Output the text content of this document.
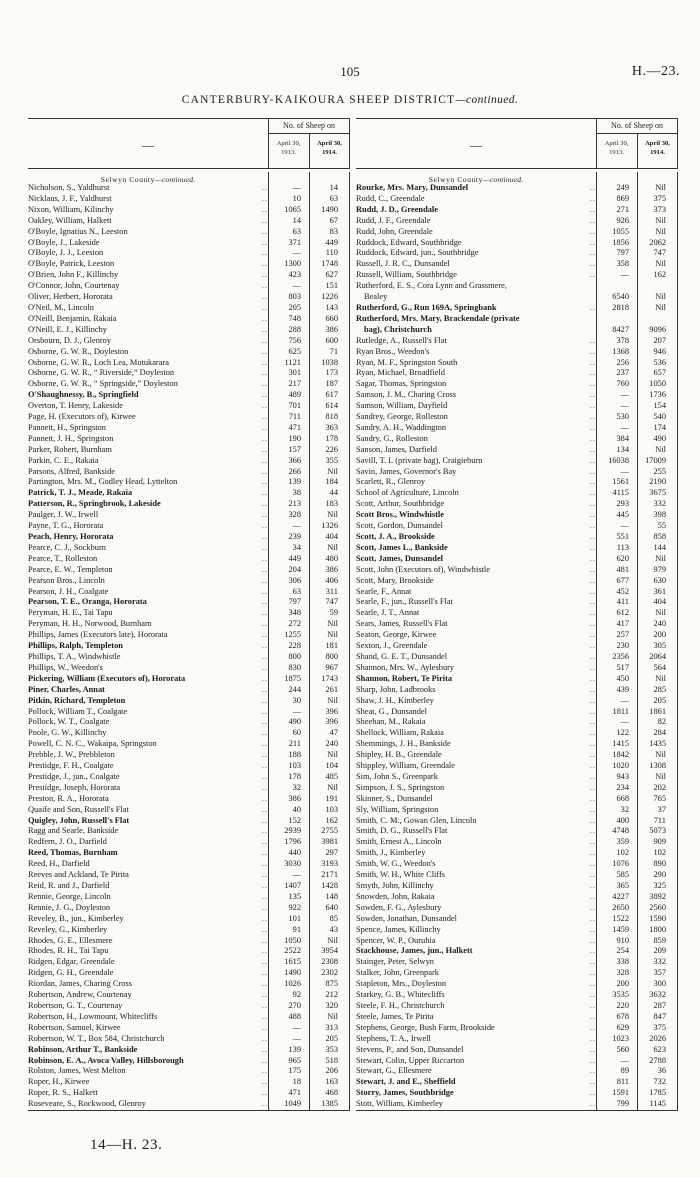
105	H.—23.
CANTERBURY-KAIKOURA SHEEP DISTRICT—continued.
—
No. of Sheep on
April 30,
1913.
April 30,
1914.
Selwyn County—continued.
Nicholson, S., Yaldhurst	..	—	14
Nicklaus, J. F., Yaldhurst	..	10	63
Nixon, William, Kilinchy	..	1065	1490
Oakley, William, Halkett	..	14	67
O'Boyle, Ignatius N., Leeston	..	63	83
O'Boyle, J., Lakeside	..	371	449
O'Boyle, J. J., Leeston	..	—	110
O'Boyle, Patrick, Leeston	..	1300	1748
O'Brien, John F., Killinchy	..	423	627
O'Connor, John, Courtenay	..	—	151
Oliver, Herbert, Hororata	..	803	1226
O'Neil, M., Lincoln	..	205	143
O'Neill, Benjamin, Rakaia	..	748	660
O'Neill, E. J., Killinchy	..	288	386
Orsbourn, D. J., Glenroy	..	756	600
Osborne, G. W. R., Doyleston	..	625	71
Osborne, G. W. R., Loch Lea, Motukarara	..	1121	1038
Osborne, G. W. R., “ Riverside,” Doyleston	..	301	173
Osborne, G. W. R., “ Springside,” Doyleston	..	217	187
O'Shaughnessy, B., Springfield	..	489	617
Overton, T. Henry, Lakeside	..	701	614
Page, H. (Executors of), Kirwee	..	711	818
Pannett, H., Springston	..	471	363
Pannett, J. H., Springston	..	190	178
Parker, Robert, Burnham	..	157	226
Parkin, C. E., Rakaia	..	366	355
Parsons, Alfred, Bankside	..	266	Nil
Partington, Mrs. M., Godley Head, Lyttelton	..	139	184
Patrick, T. J., Meade, Rakaia	..	38	44
Patterson, R., Springbrook, Lakeside	..	213	183
Paulger, J. W., Irwell	..	328	Nil
Payne, T. G., Hororata	..	—	1326
Peach, Henry, Hororata	..	239	404
Pearce, C. J., Sockburn	..	34	Nil
Pearce, T., Rolleston	..	449	480
Pearce, E. W., Templeton	..	204	386
Pearson Bros., Lincoln	..	306	406
Pearson, J. H., Coalgate	..	63	311
Pearson, T. E., Oranga, Hororata	..	797	747
Peryman, H. E., Tai Tapu	..	348	59
Peryman, H. H., Norwood, Burnham	..	272	Nil
Phillips, James (Executors late), Hororata	..	1255	Nil
Phillips, Ralph, Templeton	..	228	181
Phillips, T. A., Windwhistle	..	800	800
Phillips, W., Weedon's	..	830	967
Pickering, William (Executors of), Hororata	..	1875	1743
Piner, Charles, Annat	..	244	261
Pitkin, Richard, Templeton	..	30	Nil
Pollock, William T., Coalgate	..	—	396
Pollock, W. T., Coalgate	..	490	396
Poole, G. W., Killinchy	..	60	47
Powell, C. N. C., Wakaipa, Springston	..	211	240
Prebble, J. W., Prebbleton	..	188	Nil
Prestidge, F. H., Coalgate	..	103	104
Prestidge, J., jun., Coalgate	..	178	485
Prestidge, Joseph, Hororata	..	32	Nil
Preston, R. A., Hororata	..	386	191
Quaife and Son, Russell's Flat	..	40	103
Quigley, John, Russell's Flat	..	152	162
Ragg and Searle, Bankside	..	2939	2755
Redfern, J. O., Darfield	..	1796	3981
Reed, Thomas, Burnham	..	440	297
Reed, H., Darfield	..	3030	3193
Reeves and Ackland, Te Pirita	..	—	2171
Reid, R. and J., Darfield	..	1407	1428
Rennie, George, Lincoln	..	135	148
Rennie, J. G., Doyleston	..	922	640
Reveley, B., jun., Kimberley	..	101	85
Reveley, G., Kimberley	..	91	43
Rhodes, G. E., Ellesmere	..	1050	Nil
Rhodes, R. H., Tai Tapu	..	2522	3954
Ridgen, Edgar, Greendale	..	1615	2308
Ridgen, G. H., Greendale	..	1490	2302
Riordan, James, Charing Cross	..	1026	875
Robertson, Andrew, Courtenay	..	92	212
Robertson, G. T., Courtenay	..	270	320
Robertson, H., Lowmount, Whitecliffs	..	488	Nil
Robertson, Samuel, Kirwee	..	—	313
Robertson, W. T., Box 584, Christchurch	..	—	205
Robinson, Arthur T., Bankside	..	139	353
Robinson, E. A., Avoca Valley, Hillsborough	..	965	518
Rolston, James, West Melton	..	175	206
Roper, H., Kirwee	..	18	163
Roper, R. S., Halkett	..	471	468
Roseveare, S., Rockwood, Glenroy	..	1049	1385
—
No. of Sheep on
April 30,
1913.
April 30,
1914.
Selwyn County—continued.
Rourke, Mrs. Mary, Dunsandel	..	249	Nil
Rudd, C., Greendale	..	869	375
Rudd, J. D., Greendale	..	271	373
Rudd, J. F., Greendale	..	926	Nil
Rudd, John, Greendale	..	1055	Nil
Ruddock, Edward, Southbridge	..	1856	2062
Ruddock, Edward, jun., Southbridge	..	797	747
Russell, J. R. C., Dunsandel	..	358	Nil
Russell, William, Southbridge	..	—	162
Rutherford, E. S., Cora Lynn and Grassmere,
Bealey	6540	Nil
Rutherford, G., Run 169A, Springbank	..	2818	Nil
Rutherford, Mrs. Mary, Brackendale (private
bag), Christchurch	8427	9096
Rutledge, A., Russell's Flat	..	378	207
Ryan Bros., Weedon's	..	1368	946
Ryan, M. F., Springston South	..	256	536
Ryan, Michael, Broadfield	..	237	657
Sagar, Thomas, Springston	..	760	1050
Samson, J. M., Charing Cross	..	—	1736
Samson, William, Dayfield	..	—	154
Sandrey, George, Rolleston	..	530	540
Sandry, A. H., Waddington	..	—	174
Sandry, G., Rolleston	..	384	490
Sanson, James, Darfield	..	134	Nil
Savill, T. I. (private bag), Craigieburn	..	16038	17009
Savin, James, Governor's Bay	..	—	255
Scarlett, R., Glenroy	..	1561	2190
School of Agriculture, Lincoln	..	4115	3675
Scott, Arthur, Southbridge	..	293	332
Scott Bros., Windwhistle	..	445	398
Scott, Gordon, Dunsandel	..	—	55
Scott, J. A., Brookside	..	551	858
Scott, James L., Bankside	..	113	144
Scott, James, Dunsandel	..	620	Nil
Scott, John (Executors of), Windwhistle	..	481	979
Scott, Mary, Brookside	..	677	630
Searle, F., Annat	..	452	361
Searle, F., jun., Russell's Flat	..	411	404
Searle, J. T., Annat	..	612	Nil
Sears, James, Russell's Flat	..	417	240
Seaton, George, Kirwee	..	257	200
Sexton, J., Greendale	..	230	305
Shand, G. E. T., Dunsandel	..	2356	2064
Shannon, Mrs. W., Aylesbury	..	517	564
Shannon, Robert, Te Pirita	..	450	Nil
Sharp, John, Ladbrooks	..	439	285
Shaw, J. H., Kimberley	..	—	205
Sheat, G., Dunsandel	..	1811	1861
Sheehan, M., Rakaia	..	—	82
Shellock, William, Rakaia	..	122	284
Shemmings, J. H., Bankside	..	1415	1435
Shipley, H. B., Greendale	..	1842	Nil
Shippley, William, Greendale	..	1020	1308
Sim, John S., Greenpark	..	943	Nil
Simpson, J. S., Springston	..	234	202
Skinner, S., Dunsandel	..	668	765
Sly, William, Springston	..	32	37
Smith, C. M., Gowan Glen, Lincoln	..	400	711
Smith, D. G., Russell's Flat	..	4748	5073
Smith, Ernest A., Lincoln	..	359	909
Smith, J., Kimberley	..	102	102
Smith, W. G., Weedon's	..	1076	890
Smith, W. H., White Cliffs	..	585	290
Smyth, John, Killinchy	..	365	325
Snowden, John, Rakaia	..	4227	3892
Sowden, F. G., Aylesbury	..	2650	2560
Sowden, Jonathan, Dunsandel	..	1522	1590
Spence, James, Killinchy	..	1459	1800
Spencer, W. P., Ouruhia	..	910	859
Stackhouse, James, jun., Halkett	..	254	209
Stainger, Peter, Selwyn	..	338	332
Stalker, John, Greenpark	..	328	357
Stapleton, Mrs., Doyleston	..	200	300
Starkey, G. B., Whitecliffs	..	3535	3632
Steele, F. H., Christchurch	..	220	287
Steele, James, Te Pirita	..	678	847
Stephens, George, Bush Farm, Brookside	..	629	375
Stephens, T. A., Irwell	..	1023	2026
Stevens, P., and Son, Dunsandel	..	560	623
Stewart, Colin, Upper Riccarton	..	—	2788
Stewart, G., Ellesmere	..	89	36
Stewart, J. and E., Sheffield	..	811	732
Storry, James, Southbridge	..	1591	1785
Stott, William, Kimberley	..	799	1145
14—H. 23.
